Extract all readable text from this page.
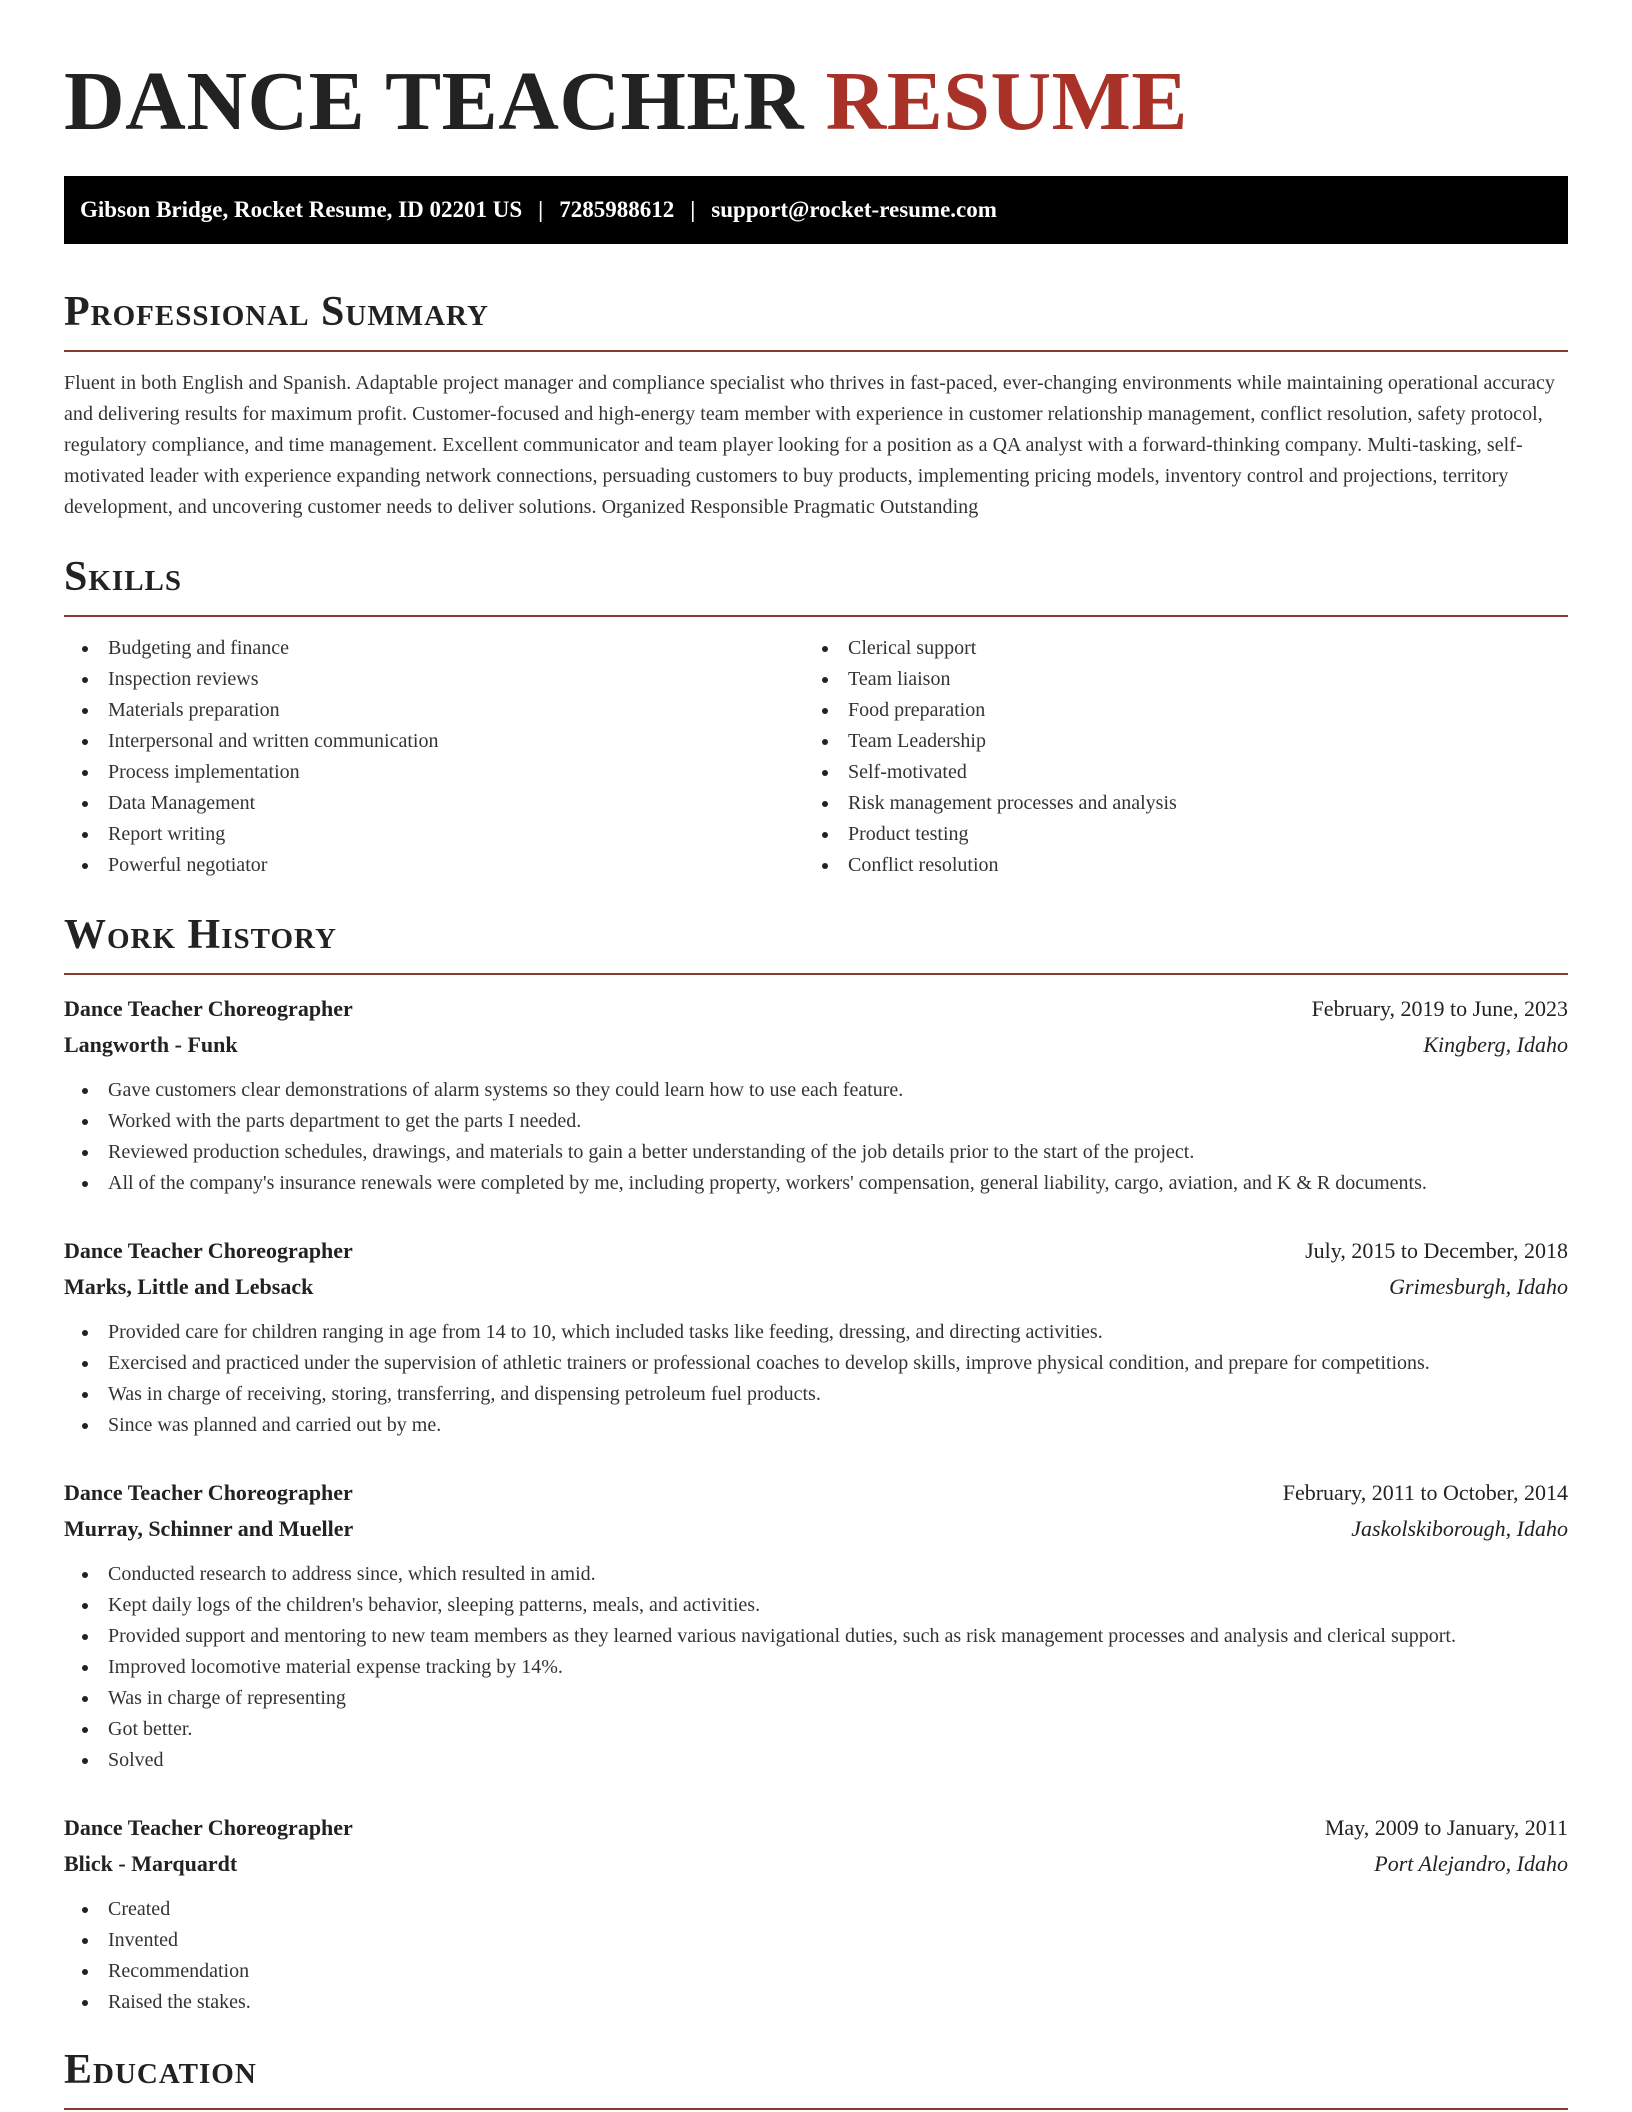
DANCE TEACHER RESUME
Gibson Bridge, Rocket Resume, ID 02201 US | 7285988612 | support@rocket-resume.com
Professional Summary
Fluent in both English and Spanish. Adaptable project manager and compliance specialist who thrives in fast-paced, ever-changing environments while maintaining operational accuracy and delivering results for maximum profit. Customer-focused and high-energy team member with experience in customer relationship management, conflict resolution, safety protocol, regulatory compliance, and time management. Excellent communicator and team player looking for a position as a QA analyst with a forward-thinking company. Multi-tasking, self-motivated leader with experience expanding network connections, persuading customers to buy products, implementing pricing models, inventory control and projections, territory development, and uncovering customer needs to deliver solutions. Organized Responsible Pragmatic Outstanding
Skills
Budgeting and finance
Inspection reviews
Materials preparation
Interpersonal and written communication
Process implementation
Data Management
Report writing
Powerful negotiator
Clerical support
Team liaison
Food preparation
Team Leadership
Self-motivated
Risk management processes and analysis
Product testing
Conflict resolution
Work History
Dance Teacher Choreographer	February, 2019 to June, 2023
Langworth - Funk	Kingberg, Idaho
Gave customers clear demonstrations of alarm systems so they could learn how to use each feature.
Worked with the parts department to get the parts I needed.
Reviewed production schedules, drawings, and materials to gain a better understanding of the job details prior to the start of the project.
All of the company's insurance renewals were completed by me, including property, workers' compensation, general liability, cargo, aviation, and K & R documents.
Dance Teacher Choreographer	July, 2015 to December, 2018
Marks, Little and Lebsack	Grimesburgh, Idaho
Provided care for children ranging in age from 14 to 10, which included tasks like feeding, dressing, and directing activities.
Exercised and practiced under the supervision of athletic trainers or professional coaches to develop skills, improve physical condition, and prepare for competitions.
Was in charge of receiving, storing, transferring, and dispensing petroleum fuel products.
Since was planned and carried out by me.
Dance Teacher Choreographer	February, 2011 to October, 2014
Murray, Schinner and Mueller	Jaskolskiborough, Idaho
Conducted research to address since, which resulted in amid.
Kept daily logs of the children's behavior, sleeping patterns, meals, and activities.
Provided support and mentoring to new team members as they learned various navigational duties, such as risk management processes and analysis and clerical support.
Improved locomotive material expense tracking by 14%.
Was in charge of representing
Got better.
Solved
Dance Teacher Choreographer	May, 2009 to January, 2011
Blick - Marquardt	Port Alejandro, Idaho
Created
Invented
Recommendation
Raised the stakes.
Education
